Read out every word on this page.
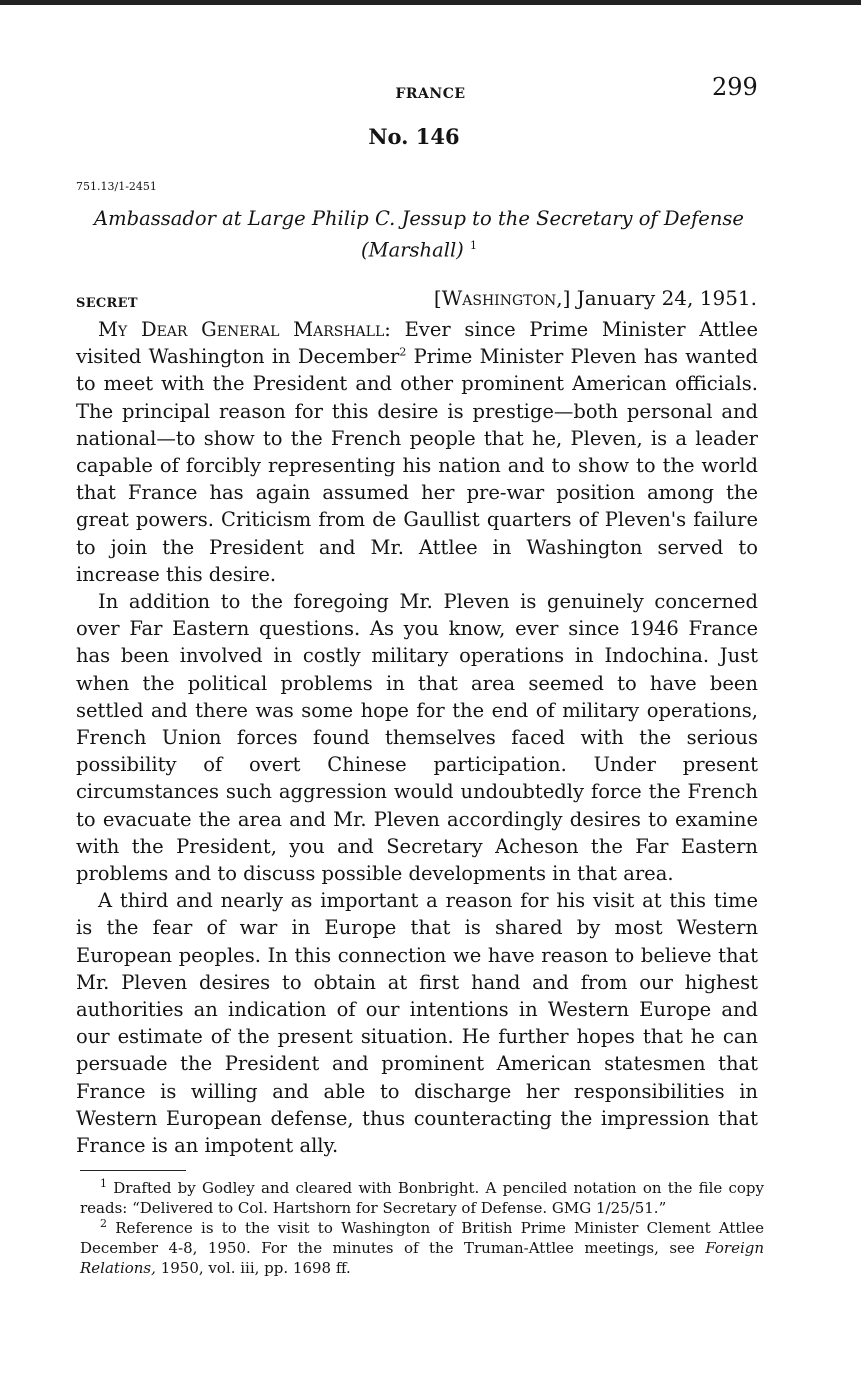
FRANCE	299
No. 146
751.13/1-2451
Ambassador at Large Philip C. Jessup to the Secretary of Defense (Marshall) $^1$
SECRET	[Washington,] January 24, 1951.

My Dear General Marshall: Ever since Prime Minister Attlee visited Washington in December$^2$ Prime Minister Pleven has wanted to meet with the President and other prominent American officials. The principal reason for this desire is prestige—both personal and national—to show to the French people that he, Pleven, is a leader capable of forcibly representing his nation and to show to the world that France has again assumed her pre-war position among the great powers. Criticism from de Gaullist quarters of Pleven's failure to join the President and Mr. Attlee in Washington served to increase this desire.

In addition to the foregoing Mr. Pleven is genuinely concerned over Far Eastern questions. As you know, ever since 1946 France has been involved in costly military operations in Indochina. Just when the political problems in that area seemed to have been settled and there was some hope for the end of military operations, French Union forces found themselves faced with the serious possibility of overt Chinese participation. Under present circumstances such aggression would undoubtedly force the French to evacuate the area and Mr. Pleven accordingly desires to examine with the President, you and Secretary Acheson the Far Eastern problems and to discuss possible developments in that area.

A third and nearly as important a reason for his visit at this time is the fear of war in Europe that is shared by most Western European peoples. In this connection we have reason to believe that Mr. Pleven desires to obtain at first hand and from our highest authorities an indication of our intentions in Western Europe and our estimate of the present situation. He further hopes that he can persuade the President and prominent American statesmen that France is willing and able to discharge her responsibilities in Western European defense, thus counteracting the impression that France is an impotent ally.

$^1$ Drafted by Godley and cleared with Bonbright. A penciled notation on the file copy reads: “Delivered to Col. Hartshorn for Secretary of Defense. GMG 1/25/51.”

$^2$ Reference is to the visit to Washington of British Prime Minister Clement Attlee December 4-8, 1950. For the minutes of the Truman-Attlee meetings, see Foreign Relations, 1950, vol. iii, pp. 1698 ff.
